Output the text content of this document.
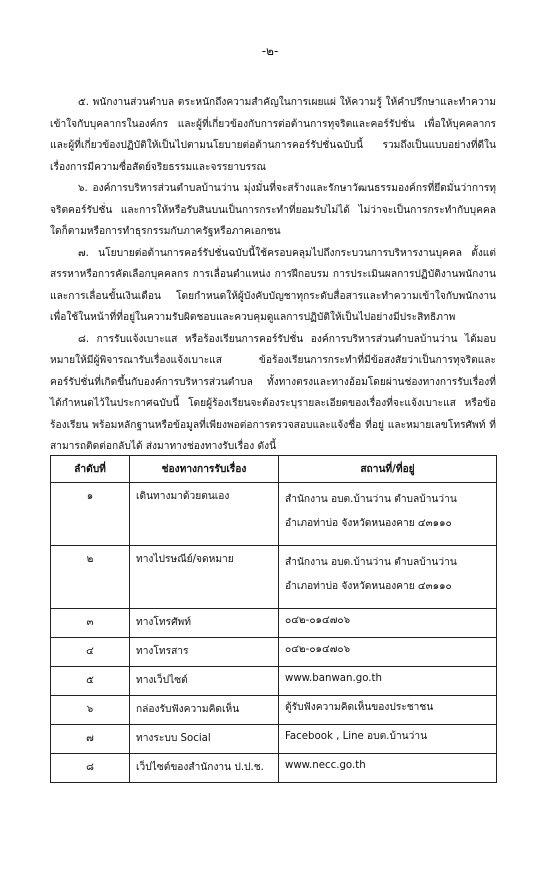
-๒-

๕. พนักงานส่วนตำบล ตระหนักถึงความสำคัญในการเผยแผ่ ให้ความรู้ ให้คำปรึกษาและทำความเข้าใจกับบุคลากรในองค์กร และผู้ที่เกี่ยวข้องกับการต่อต้านการทุจริตและคอร์รัปชั่น เพื่อให้บุคคลากรและผู้ที่เกี่ยวข้องปฏิบัติให้เป็นไปตามนโยบายต่อต้านการคอร์รัปชั่นฉบับนี้ รวมถึงเป็นแบบอย่างที่ดีในเรื่องการมีความซื่อสัตย์จริยธรรมและจรรยาบรรณ

๖. องค์การบริหารส่วนตำบลบ้านว่าน มุ่งมั่นที่จะสร้างและรักษาวัฒนธรรมองค์กรที่ยึดมั่นว่าการทุจริตคอร์รัปชั่น และการให้หรือรับสินบนเป็นการกระทำที่ยอมรับไม่ได้ ไม่ว่าจะเป็นการกระทำกับบุคคลใดก็ตามหรือการทำธุรกรรมกับภาครัฐหรือภาคเอกชน

๗. นโยบายต่อต้านการคอร์รัปชั่นฉบับนี้ใช้ครอบคลุมไปถึงกระบวนการบริหารงานบุคคล ตั้งแต่สรรหาหรือการคัดเลือกบุคคลกร การเลื่อนตำแหน่ง การฝึกอบรม การประเมินผลการปฏิบัติงานพนักงานและการเลื่อนขั้นเงินเดือน โดยกำหนดให้ผู้บังคับบัญชาทุกระดับสื่อสารและทำความเข้าใจกับพนักงานเพื่อใช้ในหน้าที่ที่อยู่ในความรับผิดชอบและควบคุมดูแลการปฏิบัติให้เป็นไปอย่างมีประสิทธิภาพ

๘. การรับแจ้งเบาะแส หรือร้องเรียนการคอร์รัปชั่น องค์การบริหารส่วนตำบลบ้านว่าน ได้มอบหมายให้มีผู้พิจารณารับเรื่องแจ้งเบาะแส ข้อร้องเรียนการกระทำที่มีข้อสงสัยว่าเป็นการทุจริตและคอร์รัปชั่นที่เกิดขึ้นกับองค์การบริหารส่วนตำบล ทั้งทางตรงและทางอ้อมโดยผ่านช่องทางการรับเรื่องที่ได้กำหนดไว้ในประกาศฉบับนี้ โดยผู้ร้องเรียนจะต้องระบุรายละเอียดของเรื่องที่จะแจ้งเบาะแส หรือข้อร้องเรียน พร้อมหลักฐานหรือข้อมูลที่เพียงพอต่อการตรวจสอบและแจ้งชื่อ ที่อยู่ และหมายเลขโทรศัพท์ ที่สามารถติดต่อกลับได้ ส่งมาทางช่องทางรับเรื่อง ดังนี้

ลำดับที่	ช่องทางการรับเรื่อง	สถานที่/ที่อยู่
๑	เดินทางมาด้วยตนเอง	สำนักงาน อบต.บ้านว่าน ตำบลบ้านว่าน
อำเภอท่าบ่อ จังหวัดหนองคาย ๔๓๑๑๐

๒	ทางไปรษณีย์/จดหมาย	สำนักงาน อบต.บ้านว่าน ตำบลบ้านว่าน
อำเภอท่าบ่อ จังหวัดหนองคาย ๔๓๑๑๐

๓	ทางโทรศัพท์	๐๔๒-๐๑๔๗๐๖
๔	ทางโทรสาร	๐๔๒-๐๑๔๗๐๖
๕	ทางเว็ปไซต์	www.banwan.go.th
๖	กล่องรับฟังความคิดเห็น	ตู้รับฟังความคิดเห็นของประชาชน
๗	ทางระบบ Social	Facebook , Line อบต.บ้านว่าน
๘	เว็ปไซต์ของสำนักงาน ป.ป.ช.	www.necc.go.th
